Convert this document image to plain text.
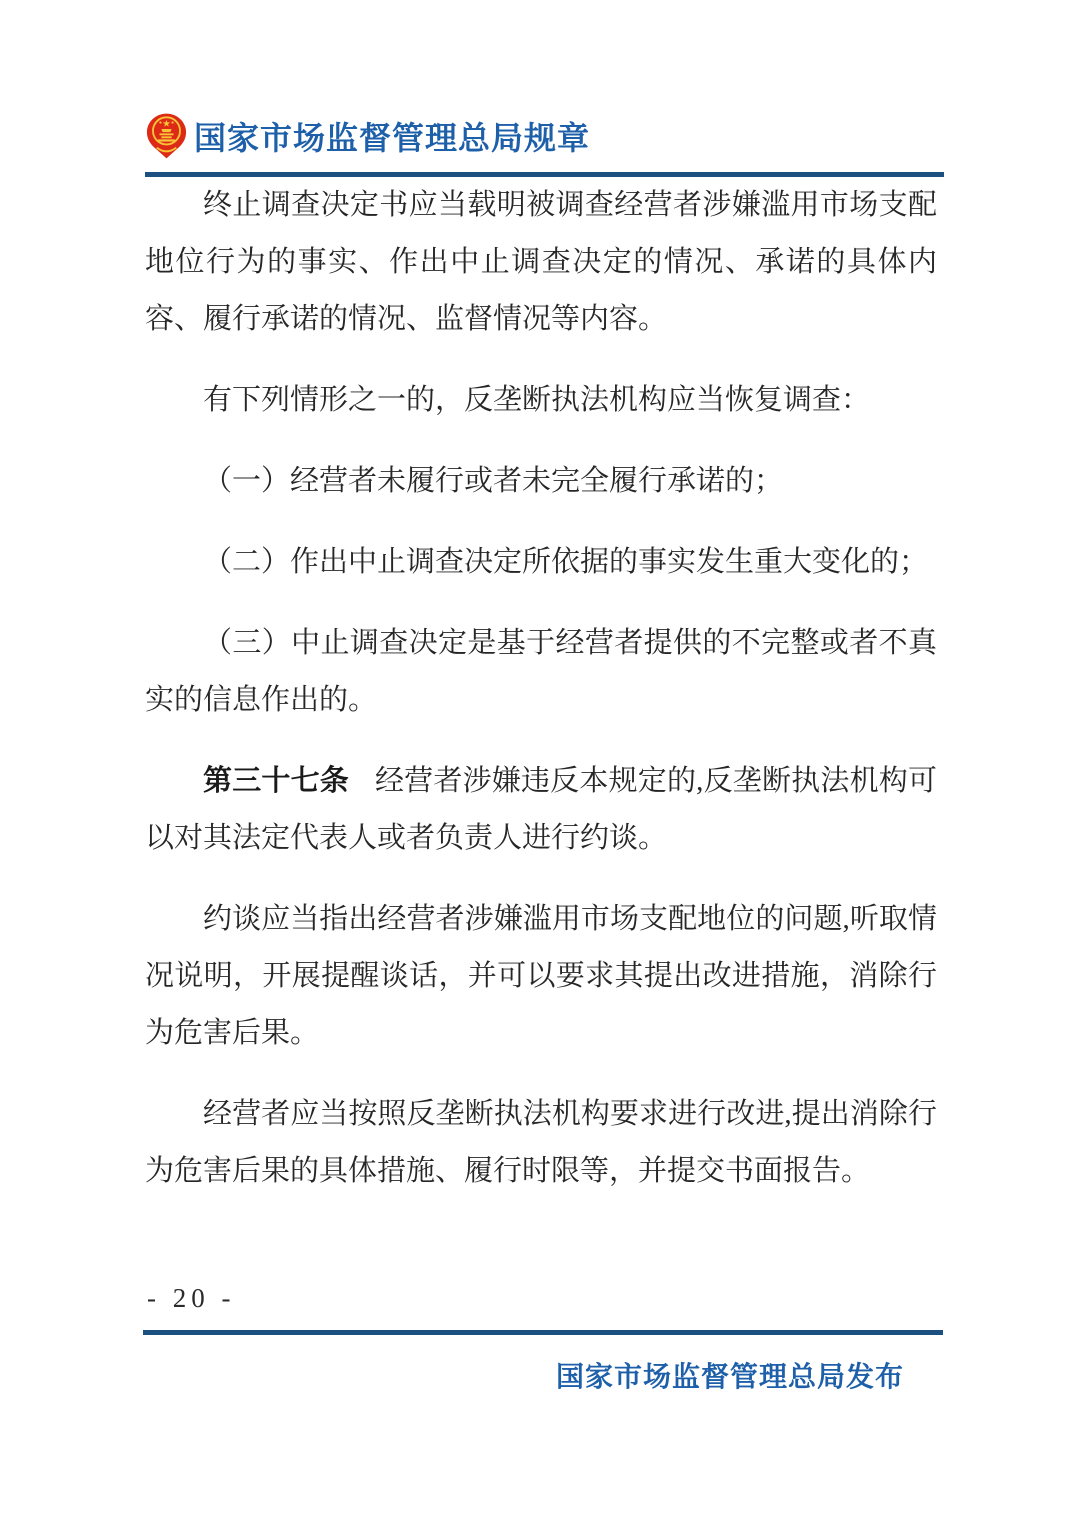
国家市场监督管理总局规章

终止调查决定书应当载明被调查经营者涉嫌滥用市场支配地位行为的事实、作出中止调查决定的情况、承诺的具体内容、履行承诺的情况、监督情况等内容。

有下列情形之一的，反垄断执法机构应当恢复调查：

（一）经营者未履行或者未完全履行承诺的；

（二）作出中止调查决定所依据的事实发生重大变化的；

（三）中止调查决定是基于经营者提供的不完整或者不真实的信息作出的。

第三十七条 经营者涉嫌违反本规定的,反垄断执法机构可以对其法定代表人或者负责人进行约谈。

约谈应当指出经营者涉嫌滥用市场支配地位的问题,听取情况说明，开展提醒谈话，并可以要求其提出改进措施，消除行为危害后果。

经营者应当按照反垄断执法机构要求进行改进,提出消除行为危害后果的具体措施、履行时限等，并提交书面报告。

- 20 -
国家市场监督管理总局发布
